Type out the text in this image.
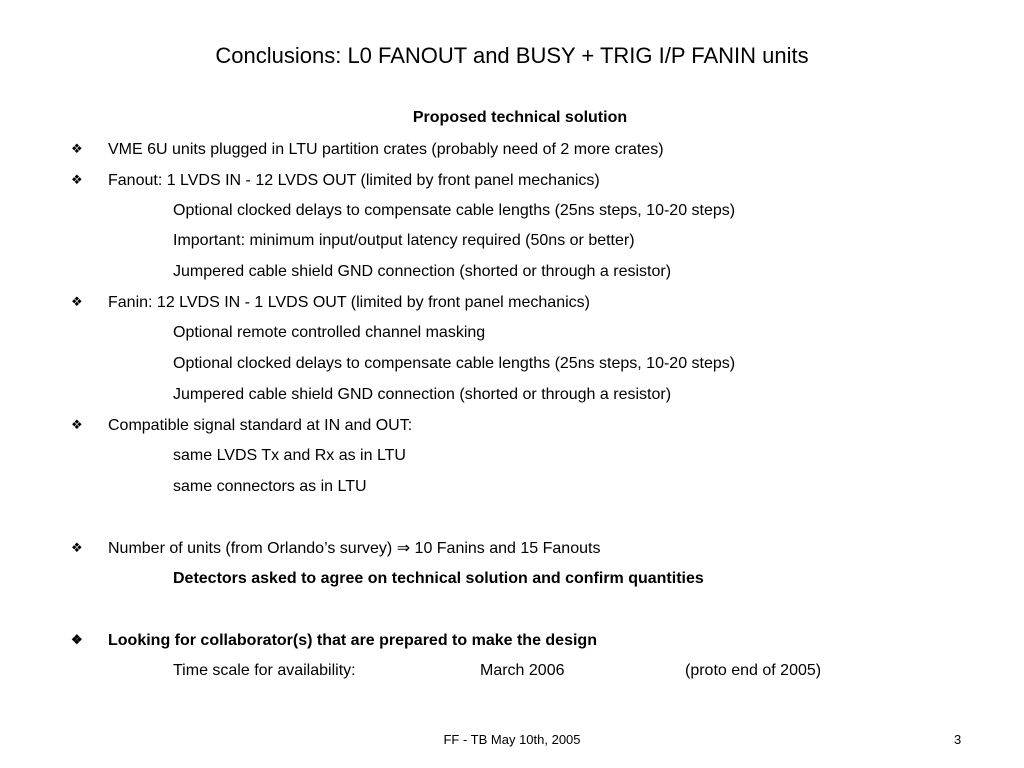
Conclusions: L0 FANOUT and BUSY + TRIG I/P FANIN units
Proposed technical solution
❖ VME 6U units plugged in LTU partition crates (probably need of 2 more crates)
❖ Fanout: 1 LVDS IN - 12 LVDS OUT (limited by front panel mechanics)
Optional clocked delays to compensate cable lengths (25ns steps, 10-20 steps)
Important: minimum input/output latency required (50ns or better)
Jumpered cable shield GND connection (shorted or through a resistor)
❖ Fanin: 12 LVDS IN - 1 LVDS OUT (limited by front panel mechanics)
Optional remote controlled channel masking
Optional clocked delays to compensate cable lengths (25ns steps, 10-20 steps)
Jumpered cable shield GND connection (shorted or through a resistor)
❖ Compatible signal standard at IN and OUT:
same LVDS Tx and Rx as in LTU
same connectors as in LTU
❖ Number of units (from Orlando’s survey) ⇒ 10 Fanins and 15 Fanouts
Detectors asked to agree on technical solution and confirm quantities
❖ Looking for collaborator(s) that are prepared to make the design
Time scale for availability:	March 2006	(proto end of 2005)
FF - TB May 10th, 2005	3
